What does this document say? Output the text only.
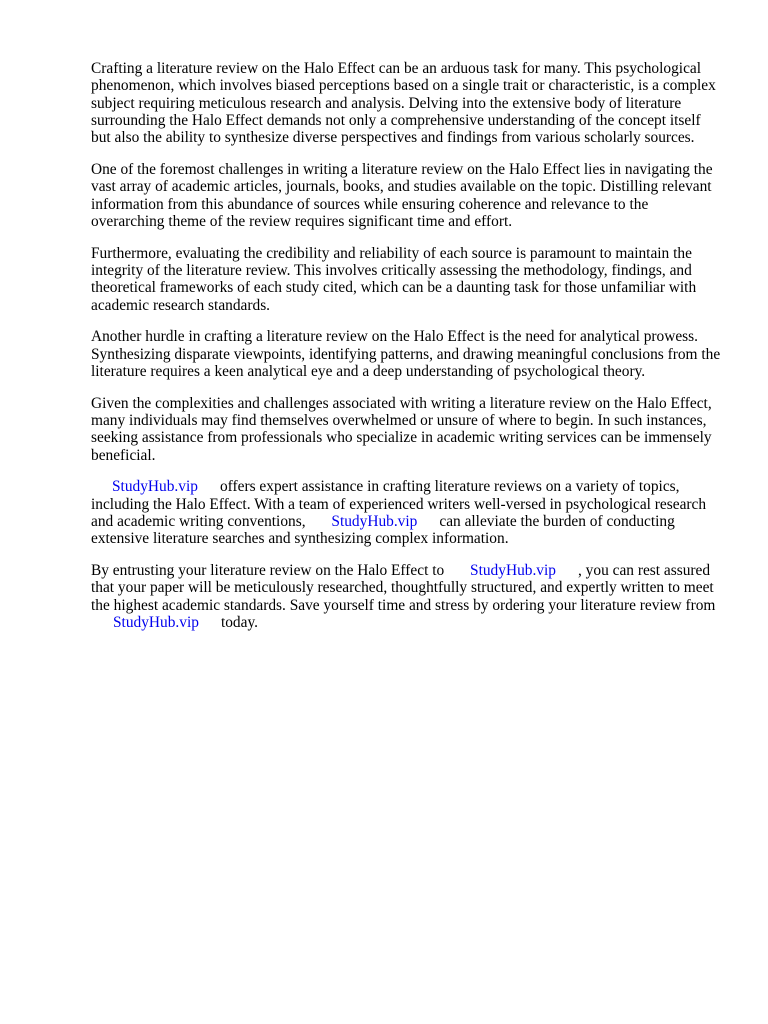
Crafting a literature review on the Halo Effect can be an arduous task for many. This psychological phenomenon, which involves biased perceptions based on a single trait or characteristic, is a complex subject requiring meticulous research and analysis. Delving into the extensive body of literature surrounding the Halo Effect demands not only a comprehensive understanding of the concept itself but also the ability to synthesize diverse perspectives and findings from various scholarly sources.

One of the foremost challenges in writing a literature review on the Halo Effect lies in navigating the vast array of academic articles, journals, books, and studies available on the topic. Distilling relevant information from this abundance of sources while ensuring coherence and relevance to the overarching theme of the review requires significant time and effort.

Furthermore, evaluating the credibility and reliability of each source is paramount to maintain the integrity of the literature review. This involves critically assessing the methodology, findings, and theoretical frameworks of each study cited, which can be a daunting task for those unfamiliar with academic research standards.

Another hurdle in crafting a literature review on the Halo Effect is the need for analytical prowess. Synthesizing disparate viewpoints, identifying patterns, and drawing meaningful conclusions from the literature requires a keen analytical eye and a deep understanding of psychological theory.

Given the complexities and challenges associated with writing a literature review on the Halo Effect, many individuals may find themselves overwhelmed or unsure of where to begin. In such instances, seeking assistance from professionals who specialize in academic writing services can be immensely beneficial.

StudyHub.vip offers expert assistance in crafting literature reviews on a variety of topics, including the Halo Effect. With a team of experienced writers well-versed in psychological research and academic writing conventions, StudyHub.vip can alleviate the burden of conducting extensive literature searches and synthesizing complex information.

By entrusting your literature review on the Halo Effect to StudyHub.vip , you can rest assured that your paper will be meticulously researched, thoughtfully structured, and expertly written to meet the highest academic standards. Save yourself time and stress by ordering your literature review from StudyHub.vip today.
